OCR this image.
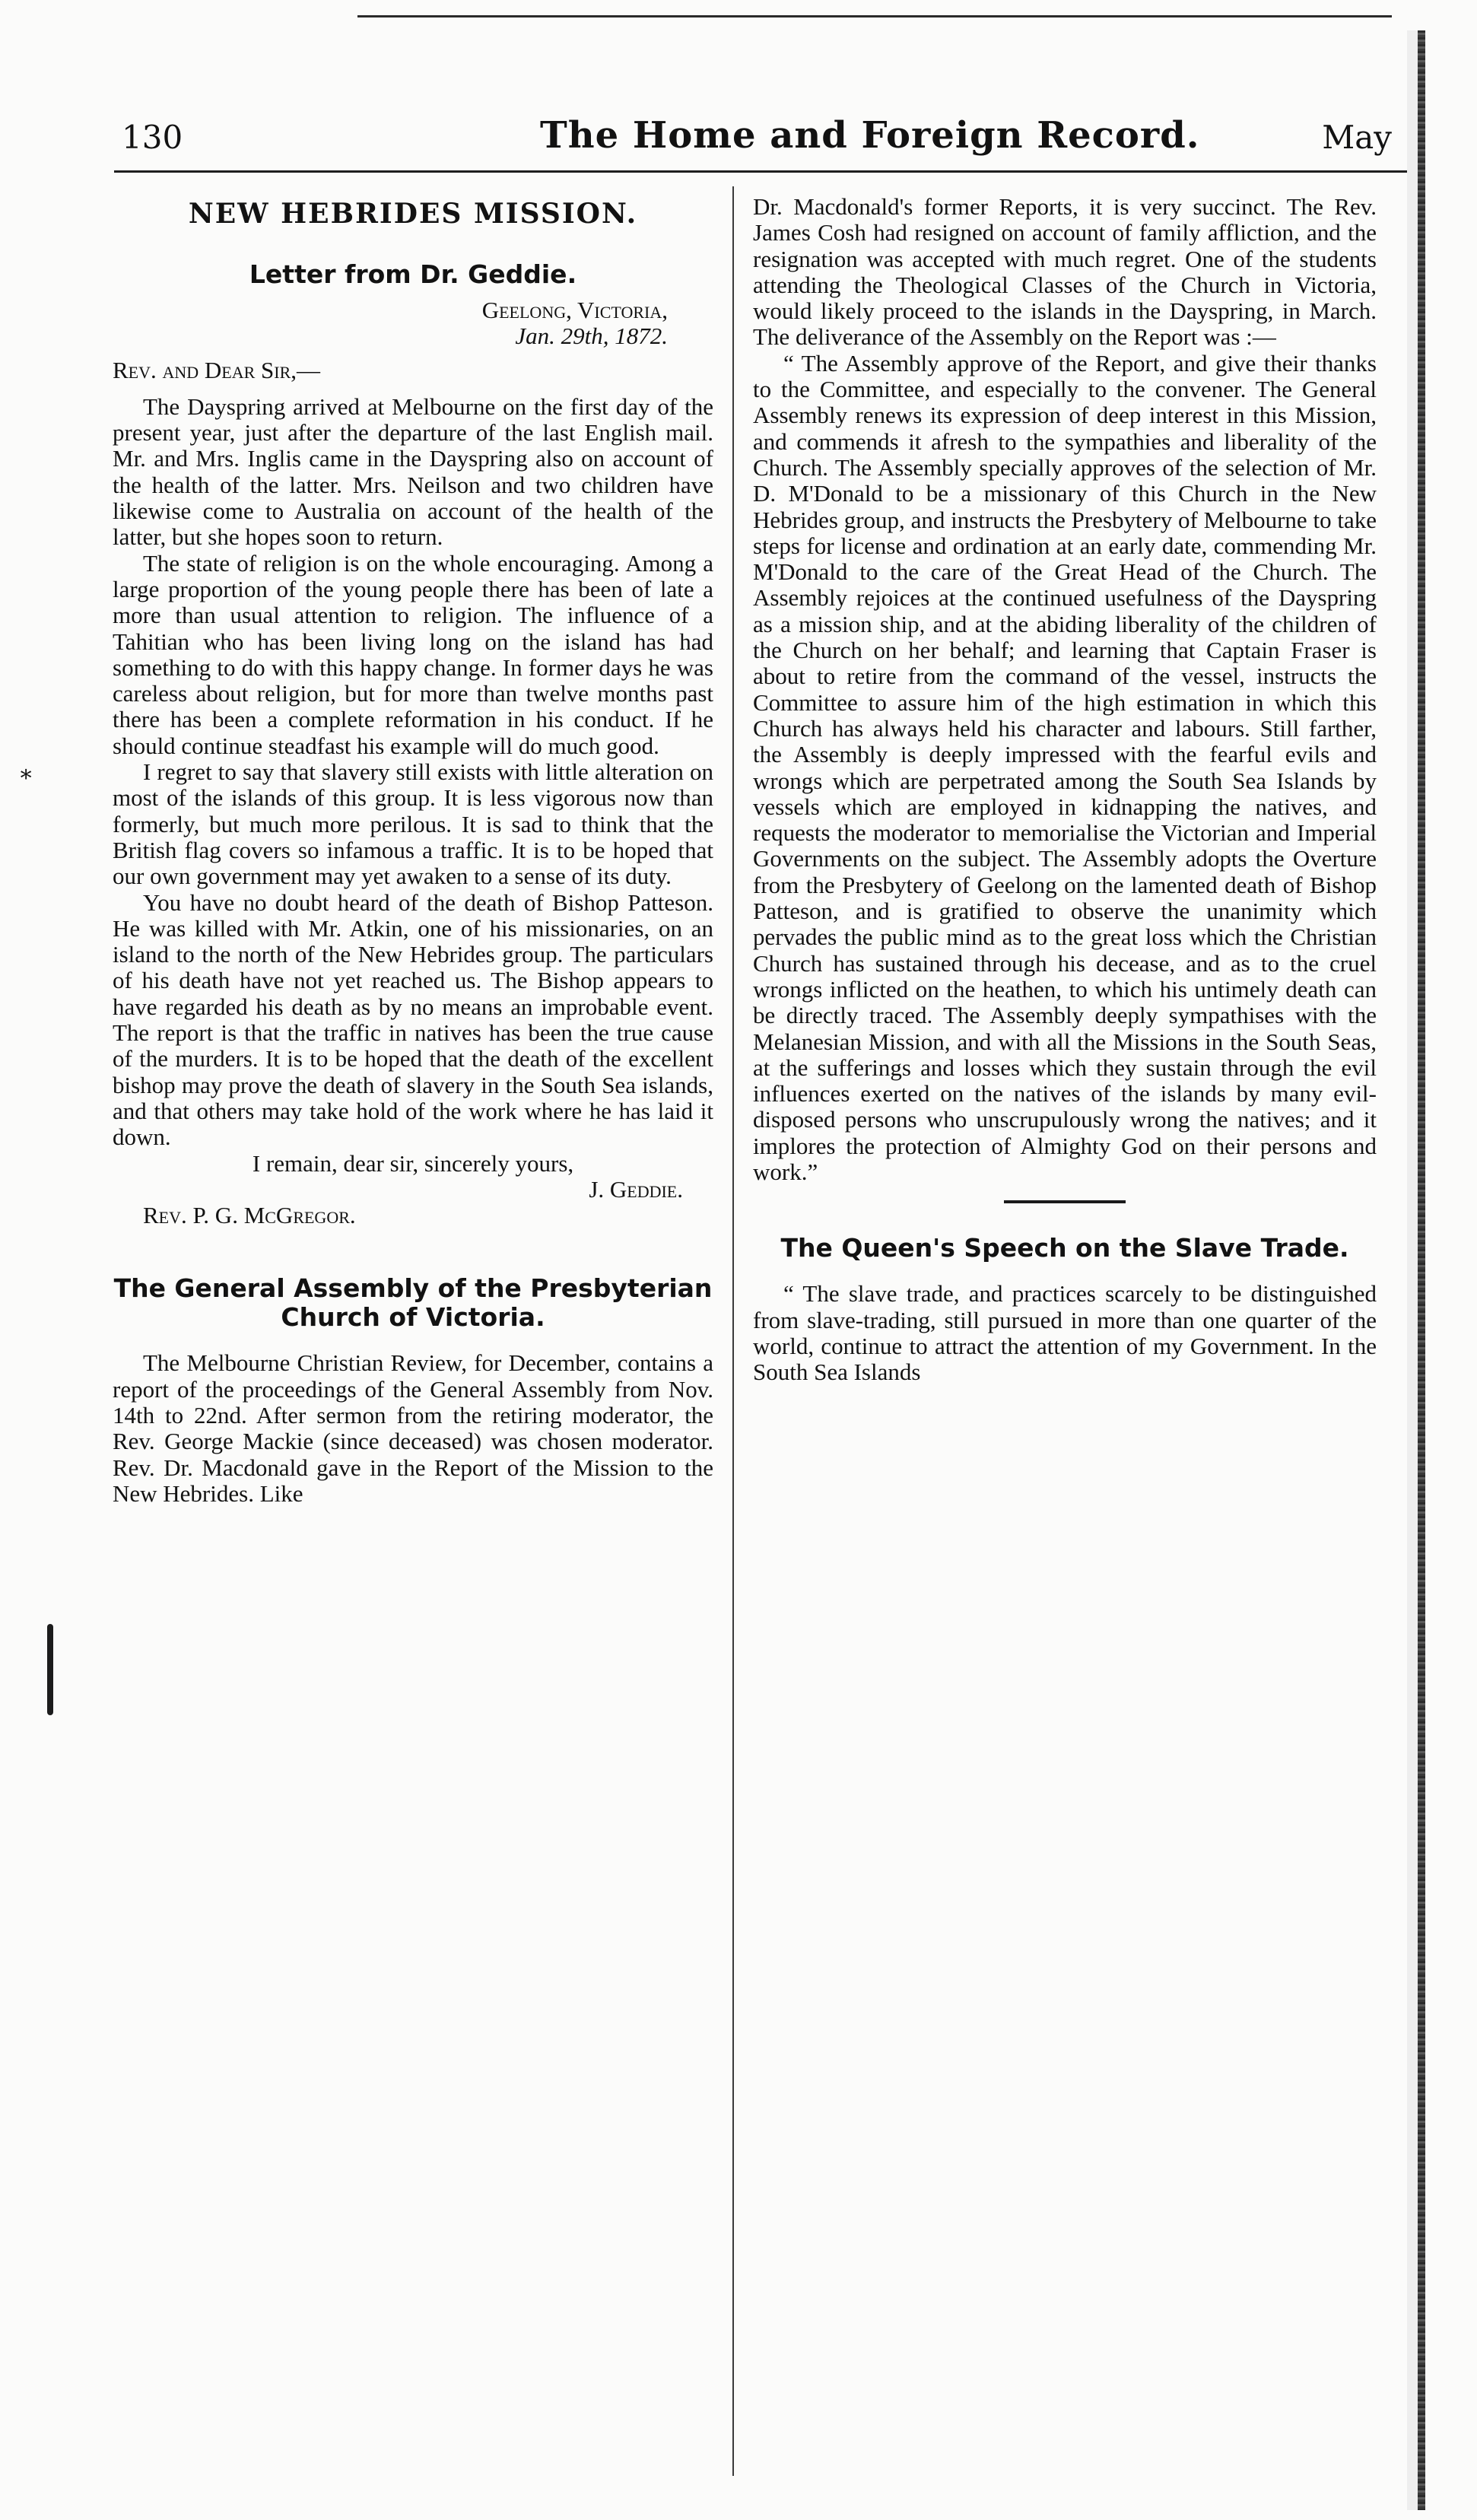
130	The Home and Foreign Record.	May
∗
NEW HEBRIDES MISSION.
Letter from Dr. Geddie.

Geelong, Victoria,

Jan. 29th, 1872.

Rev. and Dear Sir,—

The Dayspring arrived at Melbourne on the first day of the present year, just after the departure of the last English mail. Mr. and Mrs. Inglis came in the Dayspring also on account of the health of the latter. Mrs. Neilson and two children have likewise come to Australia on account of the health of the latter, but she hopes soon to return.

The state of religion is on the whole encouraging. Among a large proportion of the young people there has been of late a more than usual attention to religion. The influence of a Tahitian who has been living long on the island has had something to do with this happy change. In former days he was careless about religion, but for more than twelve months past there has been a complete reformation in his conduct. If he should continue steadfast his example will do much good.

I regret to say that slavery still exists with little alteration on most of the islands of this group. It is less vigorous now than formerly, but much more perilous. It is sad to think that the British flag covers so infamous a traffic. It is to be hoped that our own government may yet awaken to a sense of its duty.

You have no doubt heard of the death of Bishop Patteson. He was killed with Mr. Atkin, one of his missionaries, on an island to the north of the New Hebrides group. The particulars of his death have not yet reached us. The Bishop appears to have regarded his death as by no means an improbable event. The report is that the traffic in natives has been the true cause of the murders. It is to be hoped that the death of the excellent bishop may prove the death of slavery in the South Sea islands, and that others may take hold of the work where he has laid it down.

I remain, dear sir, sincerely yours,

J. Geddie.

Rev. P. G. McGregor.

The General Assembly of the Presbyterian Church of Victoria.

The Melbourne Christian Review, for December, contains a report of the proceedings of the General Assembly from Nov. 14th to 22nd. After sermon from the retiring moderator, the Rev. George Mackie (since deceased) was chosen moderator. Rev. Dr. Macdonald gave in the Report of the Mission to the New Hebrides. Like

Dr. Macdonald's former Reports, it is very succinct. The Rev. James Cosh had resigned on account of family affliction, and the resignation was accepted with much regret. One of the students attending the Theological Classes of the Church in Victoria, would likely proceed to the islands in the Dayspring, in March. The deliverance of the Assembly on the Report was :—

“ The Assembly approve of the Report, and give their thanks to the Committee, and especially to the convener. The General Assembly renews its expression of deep interest in this Mission, and commends it afresh to the sympathies and liberality of the Church. The Assembly specially approves of the selection of Mr. D. M'Donald to be a missionary of this Church in the New Hebrides group, and instructs the Presbytery of Melbourne to take steps for license and ordination at an early date, commending Mr. M'Donald to the care of the Great Head of the Church. The Assembly rejoices at the continued usefulness of the Dayspring as a mission ship, and at the abiding liberality of the children of the Church on her behalf; and learning that Captain Fraser is about to retire from the command of the vessel, instructs the Committee to assure him of the high estimation in which this Church has always held his character and labours. Still farther, the Assembly is deeply impressed with the fearful evils and wrongs which are perpetrated among the South Sea Islands by vessels which are employed in kidnapping the natives, and requests the moderator to memorialise the Victorian and Imperial Governments on the subject. The Assembly adopts the Overture from the Presbytery of Geelong on the lamented death of Bishop Patteson, and is gratified to observe the unanimity which pervades the public mind as to the great loss which the Christian Church has sustained through his decease, and as to the cruel wrongs inflicted on the heathen, to which his untimely death can be directly traced. The Assembly deeply sympathises with the Melanesian Mission, and with all the Missions in the South Seas, at the sufferings and losses which they sustain through the evil influences exerted on the natives of the islands by many evil-disposed persons who unscrupulously wrong the natives; and it implores the protection of Almighty God on their persons and work.”

The Queen's Speech on the Slave Trade.

“ The slave trade, and practices scarcely to be distinguished from slave-trading, still pursued in more than one quarter of the world, continue to attract the attention of my Government. In the South Sea Islands
